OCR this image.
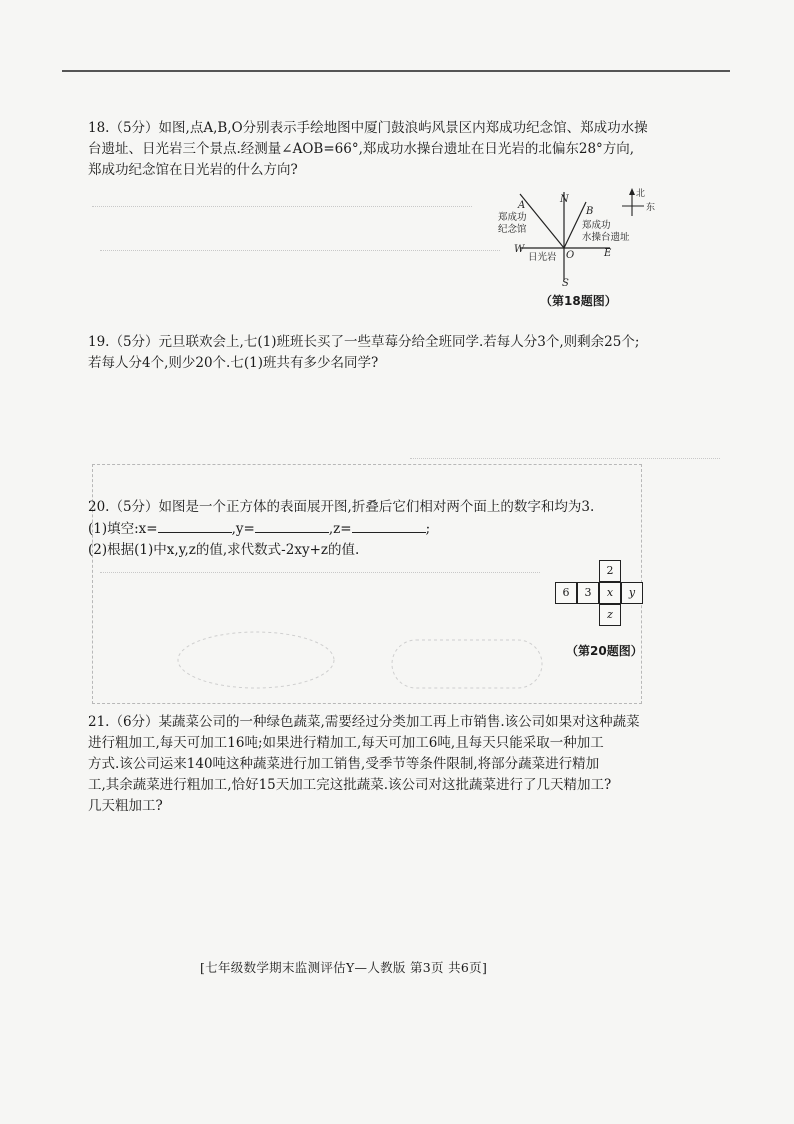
18.（5分）如图,点A,B,O分别表示手绘地图中厦门鼓浪屿风景区内郑成功纪念馆、郑成功水操

台遗址、日光岩三个景点.经测量∠AOB=66°,郑成功水操台遗址在日光岩的北偏东28°方向,

郑成功纪念馆在日光岩的什么方向?

A
B
N
S
W	E
O
郑成功
纪念馆	郑成功
水操台遗址
日光岩
北
东
（第18题图）

19.（5分）元旦联欢会上,七(1)班班长买了一些草莓分给全班同学.若每人分3个,则剩余25个;

若每人分4个,则少20个.七(1)班共有多少名同学?

20.（5分）如图是一个正方体的表面展开图,折叠后它们相对两个面上的数字和均为3.

(1)填空:x=	,y=	,z=	;

(2)根据(1)中x,y,z的值,求代数式-2xy+z的值.

2
6	3	x	y
z
（第20题图）

21.（6分）某蔬菜公司的一种绿色蔬菜,需要经过分类加工再上市销售.该公司如果对这种蔬菜

进行粗加工,每天可加工16吨;如果进行精加工,每天可加工6吨,且每天只能采取一种加工

方式.该公司运来140吨这种蔬菜进行加工销售,受季节等条件限制,将部分蔬菜进行精加

工,其余蔬菜进行粗加工,恰好15天加工完这批蔬菜.该公司对这批蔬菜进行了几天精加工?

几天粗加工?

[七年级数学期末监测评估Y—人教版 第3页 共6页]
